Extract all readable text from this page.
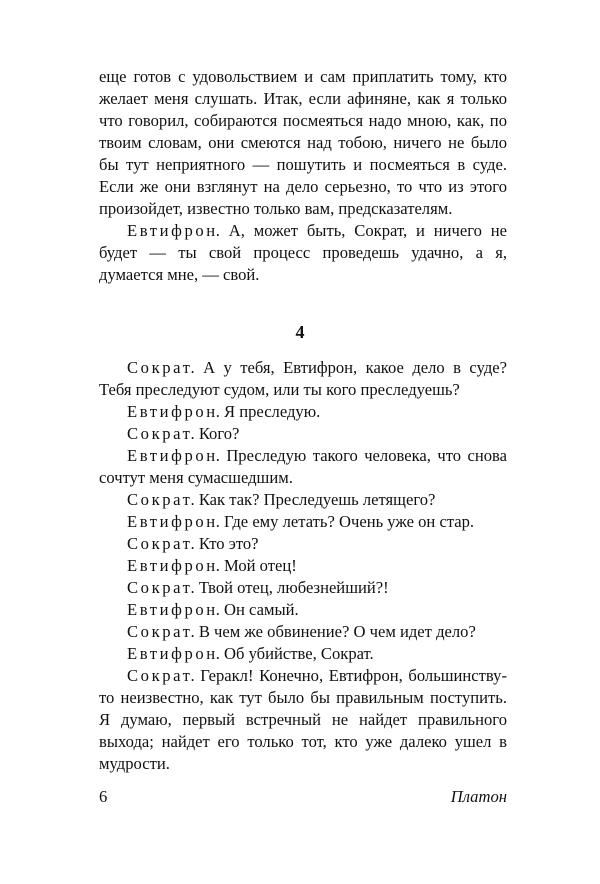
еще готов с удовольствием и сам приплатить тому, кто желает меня слушать. Итак, если афиняне, как я только что говорил, собираются посмеяться надо мною, как, по твоим словам, они смеются над тобою, ничего не было бы тут неприятного — пошутить и посмеяться в суде. Если же они взглянут на дело серьезно, то что из этого произойдет, известно только вам, предсказателям.

Евтифрон. А, может быть, Сократ, и ничего не будет — ты свой процесс проведешь удачно, а я, думается мне, — свой.

4

Сократ. А у тебя, Евтифрон, какое дело в суде? Тебя преследуют судом, или ты кого преследуешь?

Евтифрон. Я преследую.

Сократ. Кого?

Евтифрон. Преследую такого человека, что снова сочтут меня сумасшедшим.

Сократ. Как так? Преследуешь летящего?

Евтифрон. Где ему летать? Очень уже он стар.

Сократ. Кто это?

Евтифрон. Мой отец!

Сократ. Твой отец, любезнейший?!

Евтифрон. Он самый.

Сократ. В чем же обвинение? О чем идет дело?

Евтифрон. Об убийстве, Сократ.

Сократ. Геракл! Конечно, Евтифрон, большинству-то неизвестно, как тут было бы правильным поступить. Я думаю, первый встречный не найдет правильного выхода; найдет его только тот, кто уже далеко ушел в мудрости.

6	Платон
